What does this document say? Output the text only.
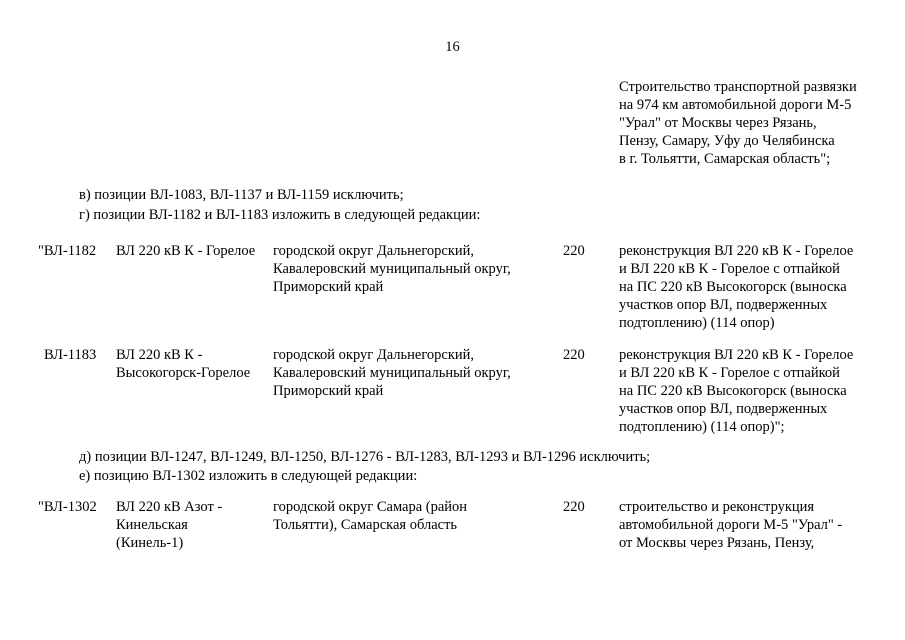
16
Строительство транспортной развязки
на 974 км автомобильной дороги М-5
"Урал" от Москвы через Рязань,
Пензу, Самару, Уфу до Челябинска
в г. Тольятти, Самарская область";
в) позиции ВЛ-1083, ВЛ-1137 и ВЛ-1159 исключить;
г) позиции ВЛ-1182 и ВЛ-1183 изложить в следующей редакции:
"ВЛ-1182 ВЛ 220 кВ К - Горелое городской округ Дальнегорский,
Кавалеровский муниципальный округ,
Приморский край
220 реконструкция ВЛ 220 кВ К - Горелое
и ВЛ 220 кВ К - Горелое с отпайкой
на ПС 220 кВ Высокогорск (выноска
участков опор ВЛ, подверженных
подтоплению) (114 опор)
ВЛ-1183 ВЛ 220 кВ К -
Высокогорск-Горелое
городской округ Дальнегорский,
Кавалеровский муниципальный округ,
Приморский край
220 реконструкция ВЛ 220 кВ К - Горелое
и ВЛ 220 кВ К - Горелое с отпайкой
на ПС 220 кВ Высокогорск (выноска
участков опор ВЛ, подверженных
подтоплению) (114 опор)";
д) позиции ВЛ-1247, ВЛ-1249, ВЛ-1250, ВЛ-1276 - ВЛ-1283, ВЛ-1293 и ВЛ-1296 исключить;
е) позицию ВЛ-1302 изложить в следующей редакции:
"ВЛ-1302 ВЛ 220 кВ Азот -
Кинельская
(Кинель-1)
городской округ Самара (район
Тольятти), Самарская область
220 строительство и реконструкция
автомобильной дороги М-5 "Урал" -
от Москвы через Рязань, Пензу,
